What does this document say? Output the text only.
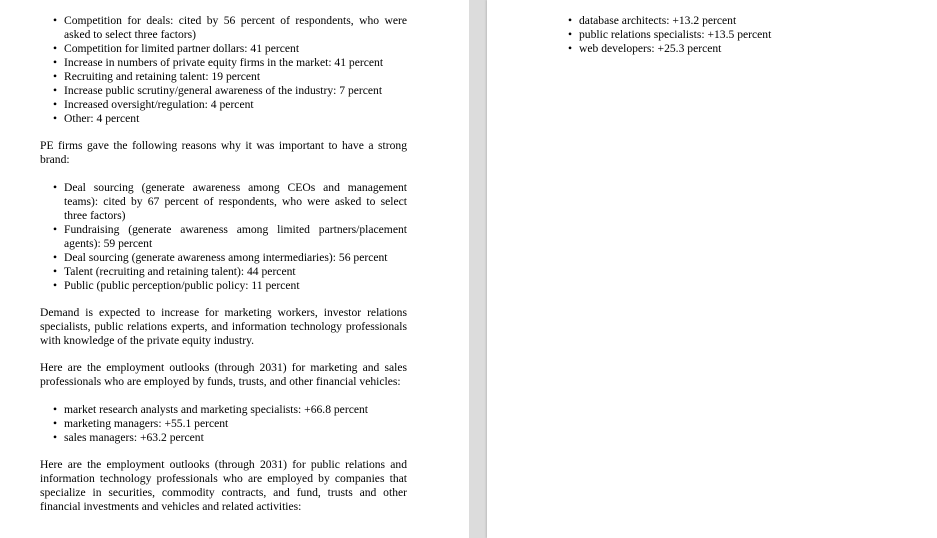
• Competition for deals: cited by 56 percent of respondents, who were asked to select three factors)
• Competition for limited partner dollars: 41 percent
• Increase in numbers of private equity firms in the market: 41 percent
• Recruiting and retaining talent: 19 percent
• Increase public scrutiny/general awareness of the industry: 7 percent
• Increased oversight/regulation: 4 percent
• Other: 4 percent

PE firms gave the following reasons why it was important to have a strong brand:

• Deal sourcing (generate awareness among CEOs and management teams): cited by 67 percent of respondents, who were asked to select three factors)
• Fundraising (generate awareness among limited partners/placement agents): 59 percent
• Deal sourcing (generate awareness among intermediaries): 56 percent
• Talent (recruiting and retaining talent): 44 percent
• Public (public perception/public policy: 11 percent

Demand is expected to increase for marketing workers, investor relations specialists, public relations experts, and information technology professionals with knowledge of the private equity industry.

Here are the employment outlooks (through 2031) for marketing and sales professionals who are employed by funds, trusts, and other financial vehicles:

• market research analysts and marketing specialists: +66.8 percent
• marketing managers: +55.1 percent
• sales managers: +63.2 percent

Here are the employment outlooks (through 2031) for public relations and information technology professionals who are employed by companies that specialize in securities, commodity contracts, and fund, trusts and other financial investments and vehicles and related activities:

• database architects: +13.2 percent
• public relations specialists: +13.5 percent
• web developers: +25.3 percent
